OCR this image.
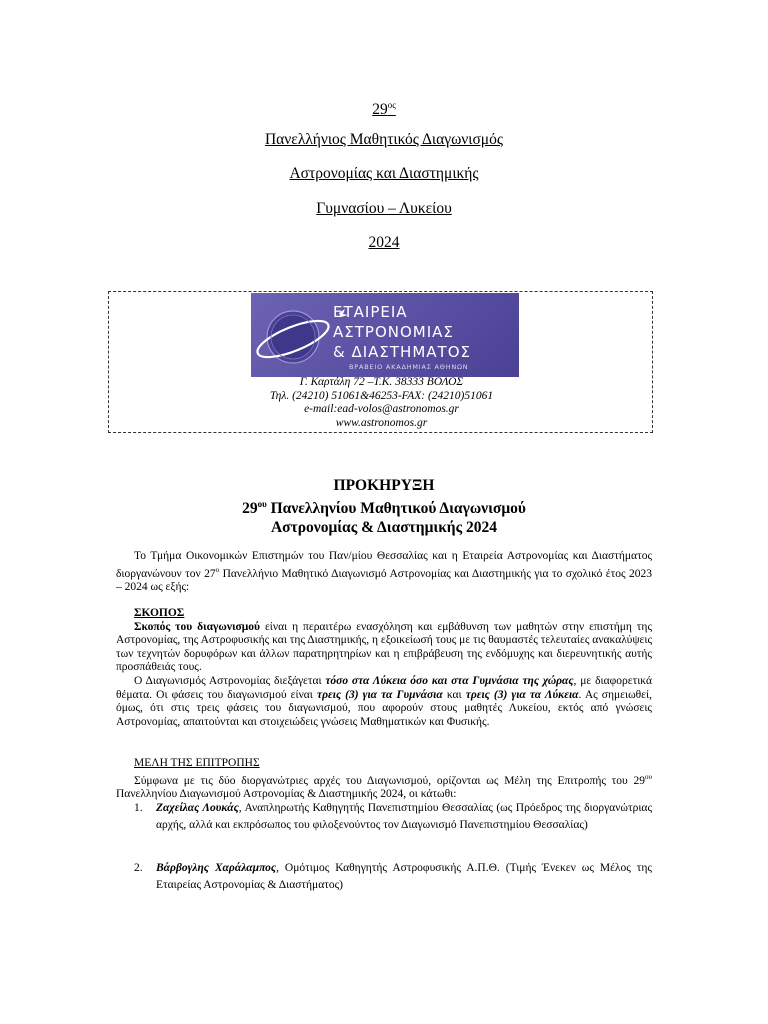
$29^{o\varsigma}$
Πανελλήνιος Μαθητικός Διαγωνισμός
Αστρονομίας και Διαστημικής
Γυμνασίου – Λυκείου
2024
ΕΤΑΙΡΕΙΑ
ΑΣΤΡΟΝΟΜΙΑΣ
& ΔΙΑΣΤΗΜΑΤΟΣ
ΒΡΑΒΕΙΟ ΑΚΑΔΗΜΙΑΣ ΑΘΗΝΩΝ
Γ. Καρτάλη 72 –Τ.Κ. 38333 ΒΟΛΟΣ
Τηλ. (24210) 51061&46253-FAX: (24210)51061
e-mail:ead-volos@astronomos.gr
www.astronomos.gr
ΠΡΟΚΗΡΥΞΗ
$29^{o\upsilon}$ Πανελληνίου Μαθητικού Διαγωνισμού
Αστρονομίας & Διαστημικής 2024
Το Τμήμα Οικονομικών Επιστημών του Παν/μίου Θεσσαλίας και η Εταιρεία Αστρονομίας και Διαστήματος διοργανώνουν τον $27^o$ Πανελλήνιο Μαθητικό Διαγωνισμό Αστρονομίας και Διαστημικής για το σχολικό έτος 2023 – 2024 ως εξής:
ΣΚΟΠΟΣ
Σκοπός του διαγωνισμού είναι η περαιτέρω ενασχόληση και εμβάθυνση των μαθητών στην επιστήμη της Αστρονομίας, της Αστροφυσικής και της Διαστημικής, η εξοικείωσή τους με τις θαυμαστές τελευταίες ανακαλύψεις των τεχνητών δορυφόρων και άλλων παρατηρητηρίων και η επιβράβευση της ενδόμυχης και διερευνητικής αυτής προσπάθειάς τους.
Ο Διαγωνισμός Αστρονομίας διεξάγεται τόσο στα Λύκεια όσο και στα Γυμνάσια της χώρας, με διαφορετικά θέματα. Οι φάσεις του διαγωνισμού είναι τρεις (3) για τα Γυμνάσια και τρεις (3) για τα Λύκεια. Ας σημειωθεί, όμως, ότι στις τρεις φάσεις του διαγωνισμού, που αφορούν στους μαθητές Λυκείου, εκτός από γνώσεις Αστρονομίας, απαιτούνται και στοιχειώδεις γνώσεις Μαθηματικών και Φυσικής.
ΜΕΛΗ ΤΗΣ ΕΠΙΤΡΟΠΗΣ
Σύμφωνα με τις δύο διοργανώτριες αρχές του Διαγωνισμού, ορίζονται ως Μέλη της Επιτροπής του $29^{o\upsilon}$ Πανελληνίου Διαγωνισμού Αστρονομίας & Διαστημικής 2024, οι κάτωθι:
1. Ζαχείλας Λουκάς, Αναπληρωτής Καθηγητής Πανεπιστημίου Θεσσαλίας (ως Πρόεδρος της διοργανώτριας αρχής, αλλά και εκπρόσωπος του φιλοξενούντος τον Διαγωνισμό Πανεπιστημίου Θεσσαλίας)
2. Βάρβογλης Χαράλαμπος, Ομότιμος Καθηγητής Αστροφυσικής Α.Π.Θ. (Τιμής Ένεκεν ως Μέλος της Εταιρείας Αστρονομίας & Διαστήματος)
